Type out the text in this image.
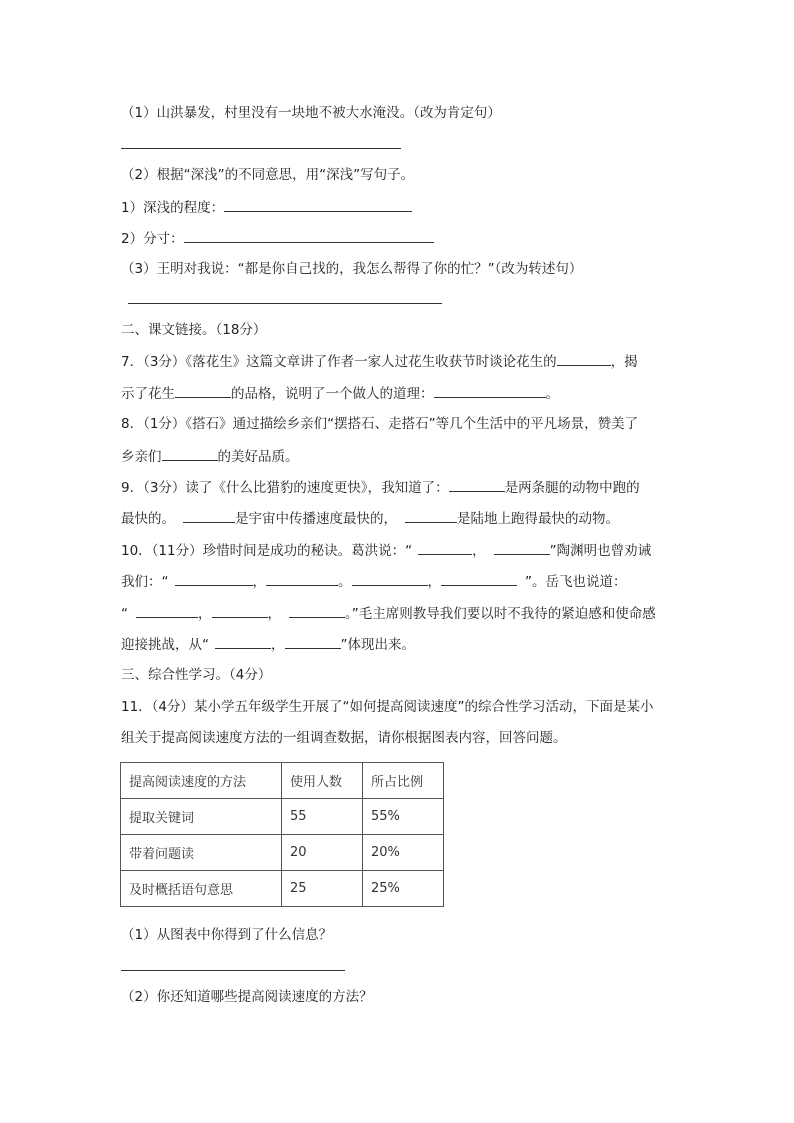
（1）山洪暴发，村里没有一块地不被大水淹没。（改为肯定句）
（2）根据“深浅”的不同意思，用“深浅”写句子。
1）深浅的程度：
2）分寸：
（3）王明对我说：“都是你自己找的，我怎么帮得了你的忙？”（改为转述句）
二、课文链接。（18分）
7．（3分）《落花生》这篇文章讲了作者一家人过花生收获节时谈论花生的	，揭
示了花生	的品格，说明了一个做人的道理：	。
8．（1分）《搭石》通过描绘乡亲们“摆搭石、走搭石”等几个生活中的平凡场景，赞美了
乡亲们	的美好品质。
9．（3分）读了《什么比猎豹的速度更快》，我知道了：	是两条腿的动物中跑的
最快的。	是宇宙中传播速度最快的，	是陆地上跑得最快的动物。
10．（11分）珍惜时间是成功的秘诀。葛洪说：“	，	”陶渊明也曾劝诫
我们：“	，	。	，	”。岳飞也说道：
“	，	，	。”毛主席则教导我们要以时不我待的紧迫感和使命感
迎接挑战，从“	，	”体现出来。
三、综合性学习。（4分）
11．（4分）某小学五年级学生开展了“如何提高阅读速度”的综合性学习活动，下面是某小
组关于提高阅读速度方法的一组调查数据，请你根据图表内容，回答问题。
提高阅读速度的方法	使用人数	所占比例
提取关键词	55	55%
带着问题读	20	20%
及时概括语句意思	25	25%
（1）从图表中你得到了什么信息？
（2）你还知道哪些提高阅读速度的方法？
